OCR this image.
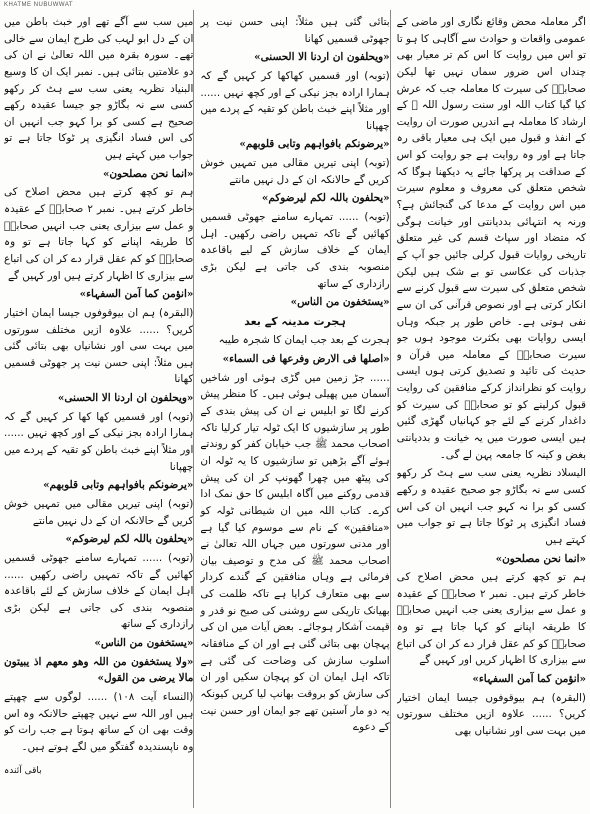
KHATME NUBUWWAT

اگر معاملہ محض وقائع نگاری اور ماضی کے عمومی واقعات و حوادث سے آگاہی کا ہو تا تو اس میں روایت کا اس کم تر معیار بھی چنداں اس ضرور سماں نہیں تھا لیکن صحابہؓ کی سیرت کا معاملہ جب کہ عرش کیا گیا کتاب اللہ اور سنت رسول اللہ ﷺ کے ارشاد کا معاملہ ہے اندریں صورت ان روایت کے انفذ و قبول میں ایک ہی معیار باقی رہ جاتا ہے اور وہ روایت ہے جو روایت کو اس کے صداقت پر پرکھا جائے یہ دیکھنا ہوگا کہ شخص متعلق کی معروف و معلوم سیرت میں اس روایت کے مدعا کی گنجائش ہے؟ ورنہ یہ انتہائی بددیانتی اور خیانت ہوگی کہ متضاد اور سپاٹ قسم کی غیر متعلق تاریخی روایات قبول کرلی جائیں جو آپ کے جذبات کی عکاسی تو بے شک ہیں لیکن شخص متعلق کی سیرت سے قبول کرنے سے انکار کرتی ہے اور نصوص قرآنی کی ان سے نفی ہوتی ہے۔ خاص طور پر جبکہ وہاں ایسی روایات بھی بکثرت موجود ہوں جو سیرت صحابہؓ کے معاملہ میں قرآن و حدیث کی تائید و تصدیق کرتی ہوں ایسی روایت کو نظرانداز کرکے منافقین کی روایت قبول کرلینے کو تو صحابہؓ کی سیرت کو داغدار کرنے کے لئے جو کہانیاں گھڑی گئیں ہیں ایسی صورت میں یہ خیانت و بددیانتی بغض و کینہ کا جامعہ پہن لے گی۔

الیسلاد نظریہ یعنی سب سے ہٹ کر رکھو کسی سے نہ بگاڑو جو صحیح عقیدہ و رکھے کسی کو برا نہ کہو جب انہیں ان کی اس فساد انگیزی پر ٹوکا جاتا ہے تو جواب میں کہتے ہیں

«انما نحن مصلحون»

ہم تو کچھ کرتے ہیں محض اصلاح کی خاطر کرتے ہیں۔ نمبر ۲ صحابہؓ کے عقیدہ و عمل سے بیزاری یعنی جب انہیں صحابہؓ کا طریقہ اپنانے کو کہا جاتا ہے تو وہ صحابہؓ کو کم عقل قرار دے کر ان کی اتباع سے بیزاری کا اظہار کریں اور کہیں گے

«انؤمن کما آمن السفہاء»

(البقرہ) ہم بیوقوفوں جیسا ایمان اختیار کریں؟ ...... علاوہ ازیں مختلف سورتوں میں بہت سی اور نشانیاں بھی

بتائی گئی ہیں مثلاً: اپنی حسن نیت پر جھوٹی قسمیں کھانا

«ویحلفون ان اردنا الا الحسنی»

(توبہ) اور قسمیں کھاکھا کر کہیں گے کہ ہمارا ارادہ بجز نیکی کے اور کچھ نہیں ...... اور مثلاً اپنے خبث باطن کو تقیہ کے پردے میں چھپانا

«یرضونکم بافواہھم وتابی قلوبھم»

(توبہ) اپنی تیریں مقالی میں تمہیں خوش کریں گے حالانکہ ان کے دل نہیں مانتے

«یحلفون باللہ لکم لیرضوکم»

(توبہ) ...... تمہارے سامنے جھوٹی قسمیں کھائیں گے تاکہ تمہیں راضی رکھیں۔ اہل ایمان کے خلاف سازش کے لیے باقاعدہ منصوبہ بندی کی جاتی ہے لیکن بڑی رازداری کے ساتھ

«یستخفون من الناس»

ہجرت مدینہ کے بعد

ہجرت کے بعد جب ایمان کا شجرہ طیبہ

«اصلھا فی الارض وفرعھا فی السماء»

...... جڑ زمین میں گڑی ہوئی اور شاخیں آسمان میں پھیلی ہوئی ہیں۔ کا منظر پیش کرنے لگا تو ابلیس نے ان کی پیش بندی کے طور پر سازشیوں کا ایک ٹولہ تیار کرلیا تاکہ اصحاب محمد ﷺ جب خیابان کفر کو روندتے ہوئے آگے بڑھیں تو سازشیوں کا یہ ٹولہ ان کی پیٹھ میں چھرا گھونپ کر ان کی پیش قدمی روکنے میں آگاہ ابلیس کا حق نمک ادا کرے۔ کتاب اللہ میں ان شیطانی ٹولہ کو «منافقین» کے نام سے موسوم کیا گیا ہے اور مدنی سورتوں میں جہاں اللہ تعالیٰ نے اصحاب محمد ﷺ کی مدح و توصیف بیان فرمائی ہے وہاں منافقین کے گندے کردار سے بھی متعارف کرایا ہے تاکہ ظلمت کی بھیانک تاریکی سے روشنی کی صبح نو قدر و قیمت آشکار ہوجائے۔ بعض آیات میں ان کی پہچان بھی بتائی گئی ہے اور ان کے منافقانہ اسلوب سازش کی وضاحت کی گئی ہے تاکہ اہل ایمان ان کو پہچان سکیں اور ان کی سازش کو بروقت بھانپ لیا کریں کیونکہ یہ دو مار آستین تھے جو ایمان اور حسن نیت کے دعوے

میں سب سے آگے تھے اور خبث باطن میں ان کے دل ابو لہب کی طرح ایمان سے خالی تھے۔ سورہ بقرہ میں اللہ تعالیٰ نے ان کی دو علامتیں بتائی ہیں۔ نمبر ایک ان کا وسیع البنیاد نظریہ یعنی سب سے ہٹ کر رکھو کسی سے نہ بگاڑو جو جیسا عقیدہ رکھے صحیح ہے کسی کو برا کہو جب انہیں ان کی اس فساد انگیزی پر ٹوکا جاتا ہے تو جواب میں کہتے ہیں

«انما نحن مصلحون»

ہم تو کچھ کرتے ہیں محض اصلاح کی خاطر کرتے ہیں۔ نمبر ۲ صحابہؓ کے عقیدہ و عمل سے بیزاری یعنی جب انہیں صحابہؓ کا طریقہ اپنانے کو کہا جاتا ہے تو وہ صحابہؓ کو کم عقل قرار دے کر ان کی اتباع سے بیزاری کا اظہار کرتے ہیں اور کہیں گے

«انؤمن کما آمن السفہاء»

(البقرہ) ہم ان بیوقوفوں جیسا ایمان اختیار کریں؟ ...... علاوہ ازیں مختلف سورتوں میں بہت سی اور نشانیاں بھی بتائی گئی ہیں مثلاً: اپنی حسن نیت پر جھوٹی قسمیں کھانا

«ویحلفون ان اردنا الا الحسنی»

(توبہ) اور قسمیں کھا کھا کر کہیں گے کہ ہمارا ارادہ بجز نیکی کے اور کچھ نہیں ...... اور مثلاً اپنے خبث باطن کو تقیہ کے پردے میں چھپانا

«یرضونکم بافواہھم وتابی قلوبھم»

(توبہ) اپنی تیریں مقالی میں تمہیں خوش کریں گے حالانکہ ان کے دل نہیں مانتے

«یحلفون باللہ لکم لیرضوکم»

(توبہ) ...... تمہارے سامنے جھوٹی قسمیں کھائیں گے تاکہ تمہیں راضی رکھیں ...... اہل ایمان کے خلاف سازش کے لئے باقاعدہ منصوبہ بندی کی جاتی ہے لیکن بڑی رازداری کے ساتھ

«یستخفون من الناس»

«ولا یستخفون من اللہ وھو معھم اذ یبیتون مالا یرضی من القول»

(النساء آیت ۱۰۸) ...... لوگوں سے چھپتے ہیں اور اللہ سے نہیں چھپتے حالانکہ وہ اس وقت بھی ان کے ساتھ ہوتا ہے جب رات کو وہ ناپسندیدہ گفتگو میں لگے ہوتے ہیں۔

باقی آئندہ
